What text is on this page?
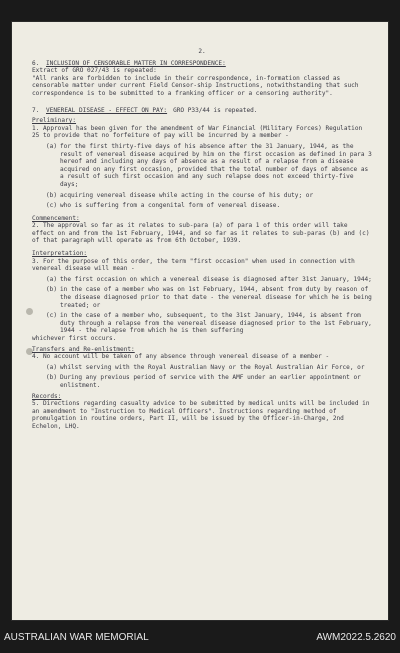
2.

6.	INCLUSION OF CENSORABLE MATTER IN CORRESPONDENCE:

Extract of GRO 027/43 is repeated:

"All ranks are forbidden to include in their correspondence, in-formation classed as censorable matter under current Field Censor-ship Instructions, notwithstanding that such correspondence is to be submitted to a franking officer or a censoring authority".

7.	VENEREAL DISEASE - EFFECT ON PAY: GRO P33/44 is repeated.

Preliminary:

1. Approval has been given for the amendment of War Financial (Military Forces) Regulation 25 to provide that no forfeiture of pay will be incurred by a member -

(a) for the first thirty-five days of his absence after the 31 January, 1944, as the result of venereal disease acquired by him on the first occasion as defined in para 3 hereof and including any days of absence as a result of a relapse from a disease acquired on any first occasion, provided that the total number of days of absence as a result of such first occasion and any such relapse does not exceed thirty-five days;
(b) acquiring venereal disease while acting in the course of his duty; or
(c) who is suffering from a congenital form of venereal disease.

Commencement:

2. The approval so far as it relates to sub-para (a) of para 1 of this order will take effect on and from the 1st February, 1944, and so far as it relates to sub-paras (b) and (c) of that paragraph will operate as from 6th October, 1939.

Interpretation:

3. For the purpose of this order, the term "first occasion" when used in connection with venereal disease will mean -

(a) the first occasion on which a venereal disease is diagnosed after 31st January, 1944;
(b) in the case of a member who was on 1st February, 1944, absent from duty by reason of the disease diagnosed prior to that date - the venereal disease for which he is being treated; or
(c) in the case of a member who, subsequent, to the 31st January, 1944, is absent from duty through a relapse from the venereal disease diagnosed prior to the 1st February, 1944 - the relapse from which he is then suffering

whichever first occurs.

Transfers and Re-enlistment:

4. No account will be taken of any absence through venereal disease of a member -

(a) whilst serving with the Royal Australian Navy or the Royal Australian Air Force, or
(b) During any previous period of service with the AMF under an earlier appointment or enlistment.

Records:

5. Directions regarding casualty advice to be submitted by medical units will be included in an amendment to "Instruction to Medical Officers". Instructions regarding method of promulgation in routine orders, Part II, will be issued by the Officer-in-Charge, 2nd Echelon, LHQ.

AUSTRALIAN WAR MEMORIAL	AWM2022.5.2620
